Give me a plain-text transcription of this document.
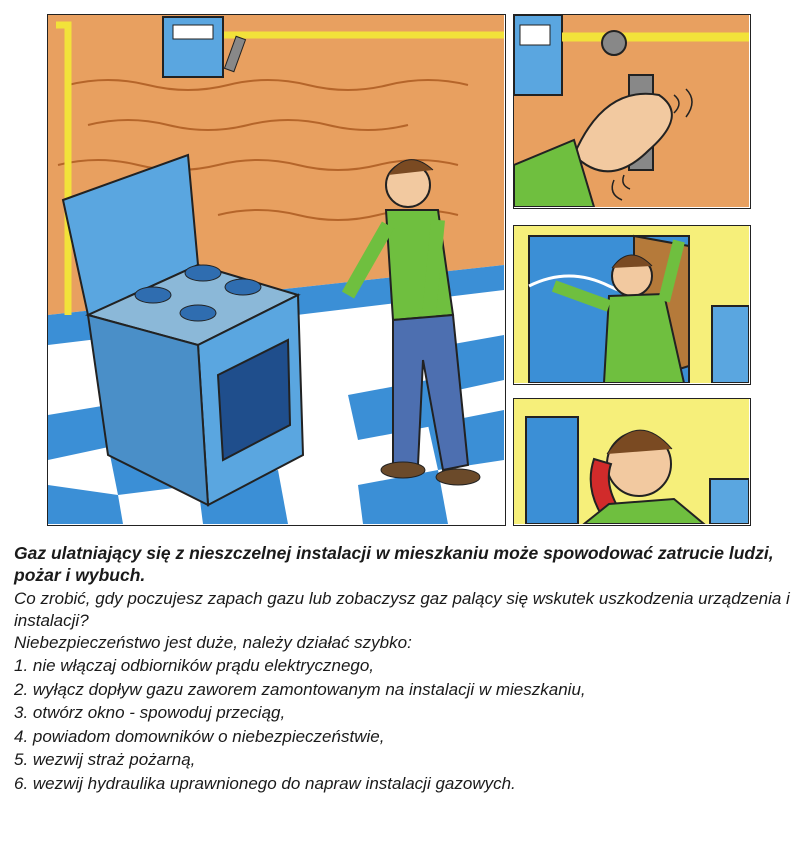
Gaz ulatniający się z nieszczelnej instalacji w mieszkaniu może spowodować zatrucie ludzi, pożar i wybuch.

Co zrobić, gdy poczujesz zapach gazu lub zobaczysz gaz palący się wskutek uszkodzenia urządzenia i instalacji?

Niebezpieczeństwo jest duże, należy działać szybko:

1. nie włączaj odbiorników prądu elektrycznego,
2. wyłącz dopływ gazu zaworem zamontowanym na instalacji w mieszkaniu,
3. otwórz okno - spowoduj przeciąg,
4. powiadom domowników o niebezpieczeństwie,
5. wezwij straż pożarną,
6. wezwij hydraulika uprawnionego do napraw instalacji gazowych.
